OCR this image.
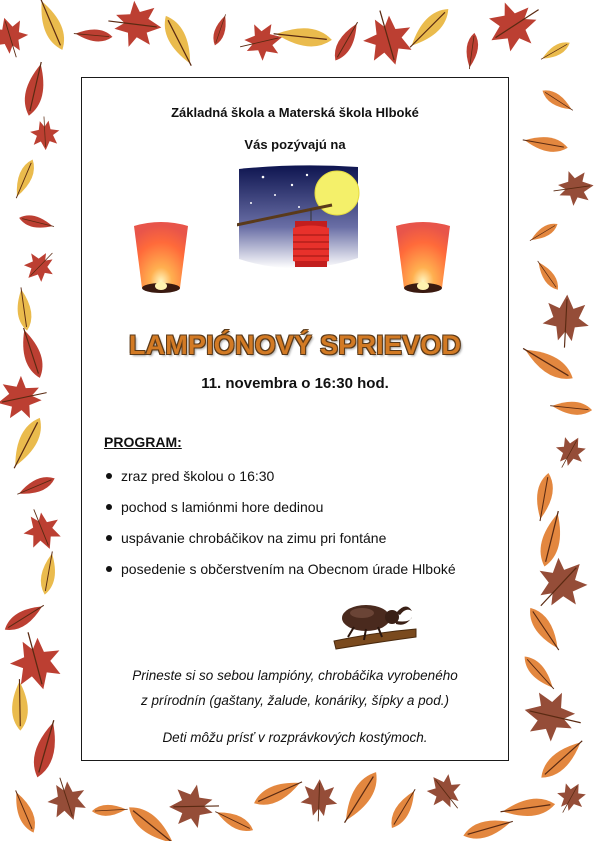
Základná škola a Materská škola Hlboké
Vás pozývajú na
LAMPIÓNOVÝ SPRIEVOD
11. novembra o 16:30 hod.
PROGRAM:
zraz pred školou o 16:30
pochod s lamiónmi hore dedinou
uspávanie chrobáčikov na zimu pri fontáne
posedenie s občerstvením na Obecnom úrade Hlboké
Prineste si so sebou lampióny, chrobáčika vyrobeného
z prírodnín (gaštany, žalude, konáriky, šípky a pod.)
Deti môžu prísť v rozprávkových kostýmoch.
